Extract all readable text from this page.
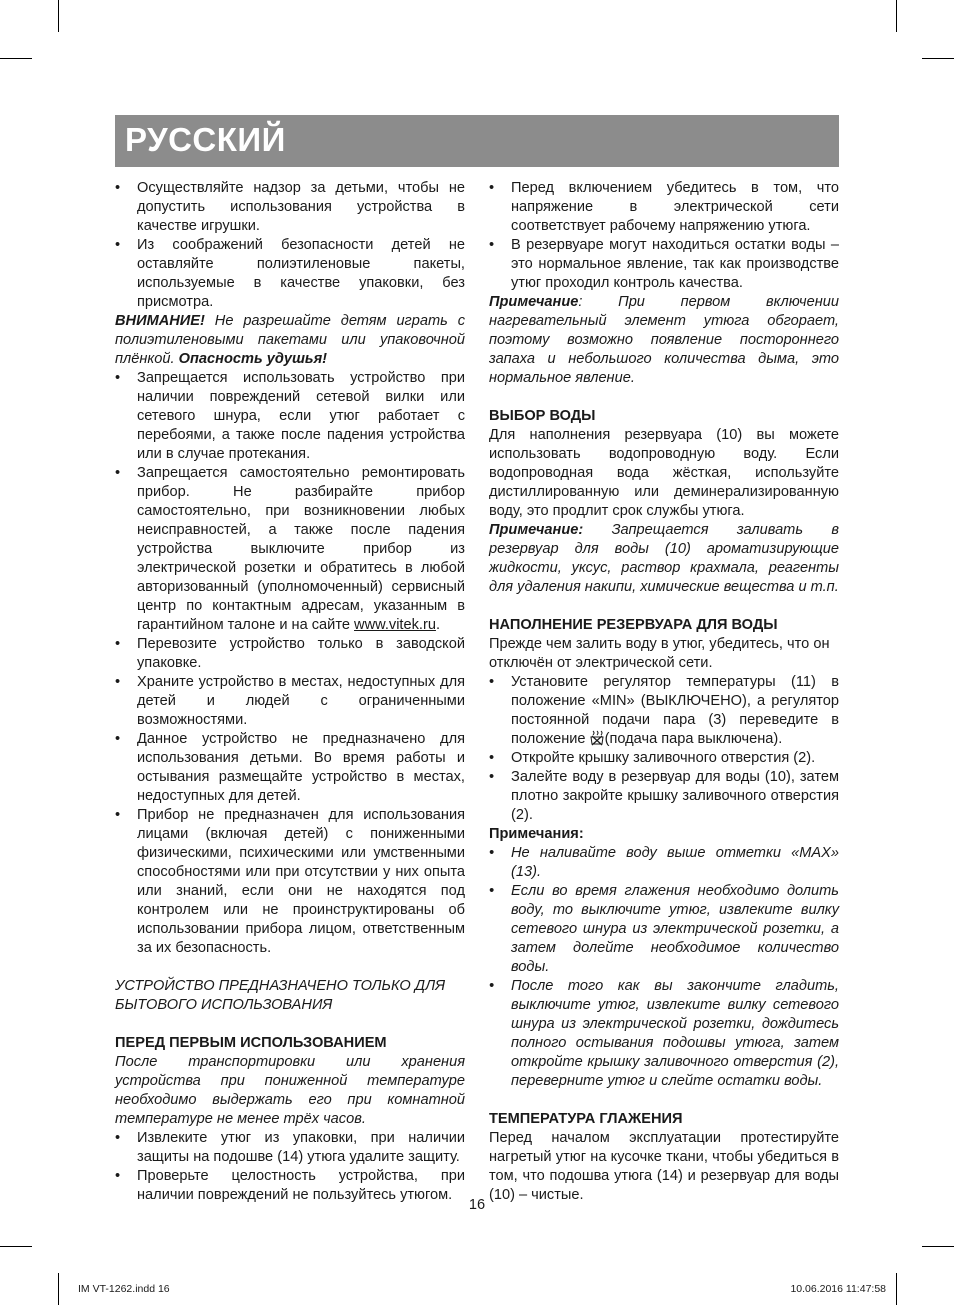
РУССКИЙ
• Осуществляйте надзор за детьми, чтобы не допустить использования устройства в качестве игрушки.
• Из соображений безопасности детей не оставляйте полиэтиленовые пакеты, используемые в качестве упаковки, без присмотра.

ВНИМАНИЕ! Не разрешайте детям играть с полиэтиленовыми пакетами или упаковочной плёнкой. Опасность удушья!

• Запрещается использовать устройство при наличии повреждений сетевой вилки или сетевого шнура, если утюг работает с перебоями, а также после падения устройства или в случае протекания.
• Запрещается самостоятельно ремонтировать прибор. Не разбирайте прибор самостоятельно, при возникновении любых неисправностей, а также после падения устройства выключите прибор из электрической розетки и обратитесь в любой авторизованный (уполномоченный) сервисный центр по контактным адресам, указанным в гарантийном талоне и на сайте www.vitek.ru.
• Перевозите устройство только в заводской упаковке.
• Храните устройство в местах, недоступных для детей и людей с ограниченными возможностями.
• Данное устройство не предназначено для использования детьми. Во время работы и остывания размещайте устройство в местах, недоступных для детей.
• Прибор не предназначен для использования лицами (включая детей) с пониженными физическими, психическими или умственными способностями или при отсутствии у них опыта или знаний, если они не находятся под контролем или не проинструктированы об использовании прибора лицом, ответственным за их безопасность.

УСТРОЙСТВО ПРЕДНАЗНАЧЕНО ТОЛЬКО ДЛЯ БЫТОВОГО ИСПОЛЬЗОВАНИЯ

ПЕРЕД ПЕРВЫМ ИСПОЛЬЗОВАНИЕМ

После транспортировки или хранения устройства при пониженной температуре необходимо выдержать его при комнатной температуре не менее трёх часов.

• Извлеките утюг из упаковки, при наличии защиты на подошве (14) утюга удалите защиту.
• Проверьте целостность устройства, при наличии повреждений не пользуйтесь утюгом.
• Перед включением убедитесь в том, что напряжение в электрической сети соответствует рабочему напряжению утюга.
• В резервуаре могут находиться остатки воды – это нормальное явление, так как производстве утюг проходил контроль качества.

Примечание: При первом включении нагревательный элемент утюга обгорает, поэтому возможно появление постороннего запаха и небольшого количества дыма, это нормальное явление.

ВЫБОР ВОДЫ

Для наполнения резервуара (10) вы можете использовать водопроводную воду. Если водопроводная вода жёсткая, используйте дистиллированную или деминерализированную воду, это продлит срок службы утюга.

Примечание: Запрещается заливать в резервуар для воды (10) ароматизирующие жидкости, уксус, раствор крахмала, реагенты для удаления накипи, химические вещества и т.п.

НАПОЛНЕНИЕ РЕЗЕРВУАРА ДЛЯ ВОДЫ

Прежде чем залить воду в утюг, убедитесь, что он отключён от электрической сети.

• Установите регулятор температуры (11) в положение «MIN» (ВЫКЛЮЧЕНО), а регулятор постоянной подачи пара (3) переведите в положение (подача пара выключена).
• Откройте крышку заливочного отверстия (2).
• Залейте воду в резервуар для воды (10), затем плотно закройте крышку заливочного отверстия (2).

Примечания:

• Не наливайте воду выше отметки «MAX» (13).
• Если во время глажения необходимо долить воду, то выключите утюг, извлеките вилку сетевого шнура из электрической розетки, а затем долейте необходимое количество воды.
• После того как вы закончите гладить, выключите утюг, извлеките вилку сетевого шнура из электрической розетки, дождитесь полного остывания подошвы утюга, затем откройте крышку заливочного отверстия (2), переверните утюг и слейте остатки воды.

ТЕМПЕРАТУРА ГЛАЖЕНИЯ

Перед началом эксплуатации протестируйте нагретый утюг на кусочке ткани, чтобы убедиться в том, что подошва утюга (14) и резервуар для воды (10) – чистые.

16
IM VT-1262.indd 16	10.06.2016 11:47:58
